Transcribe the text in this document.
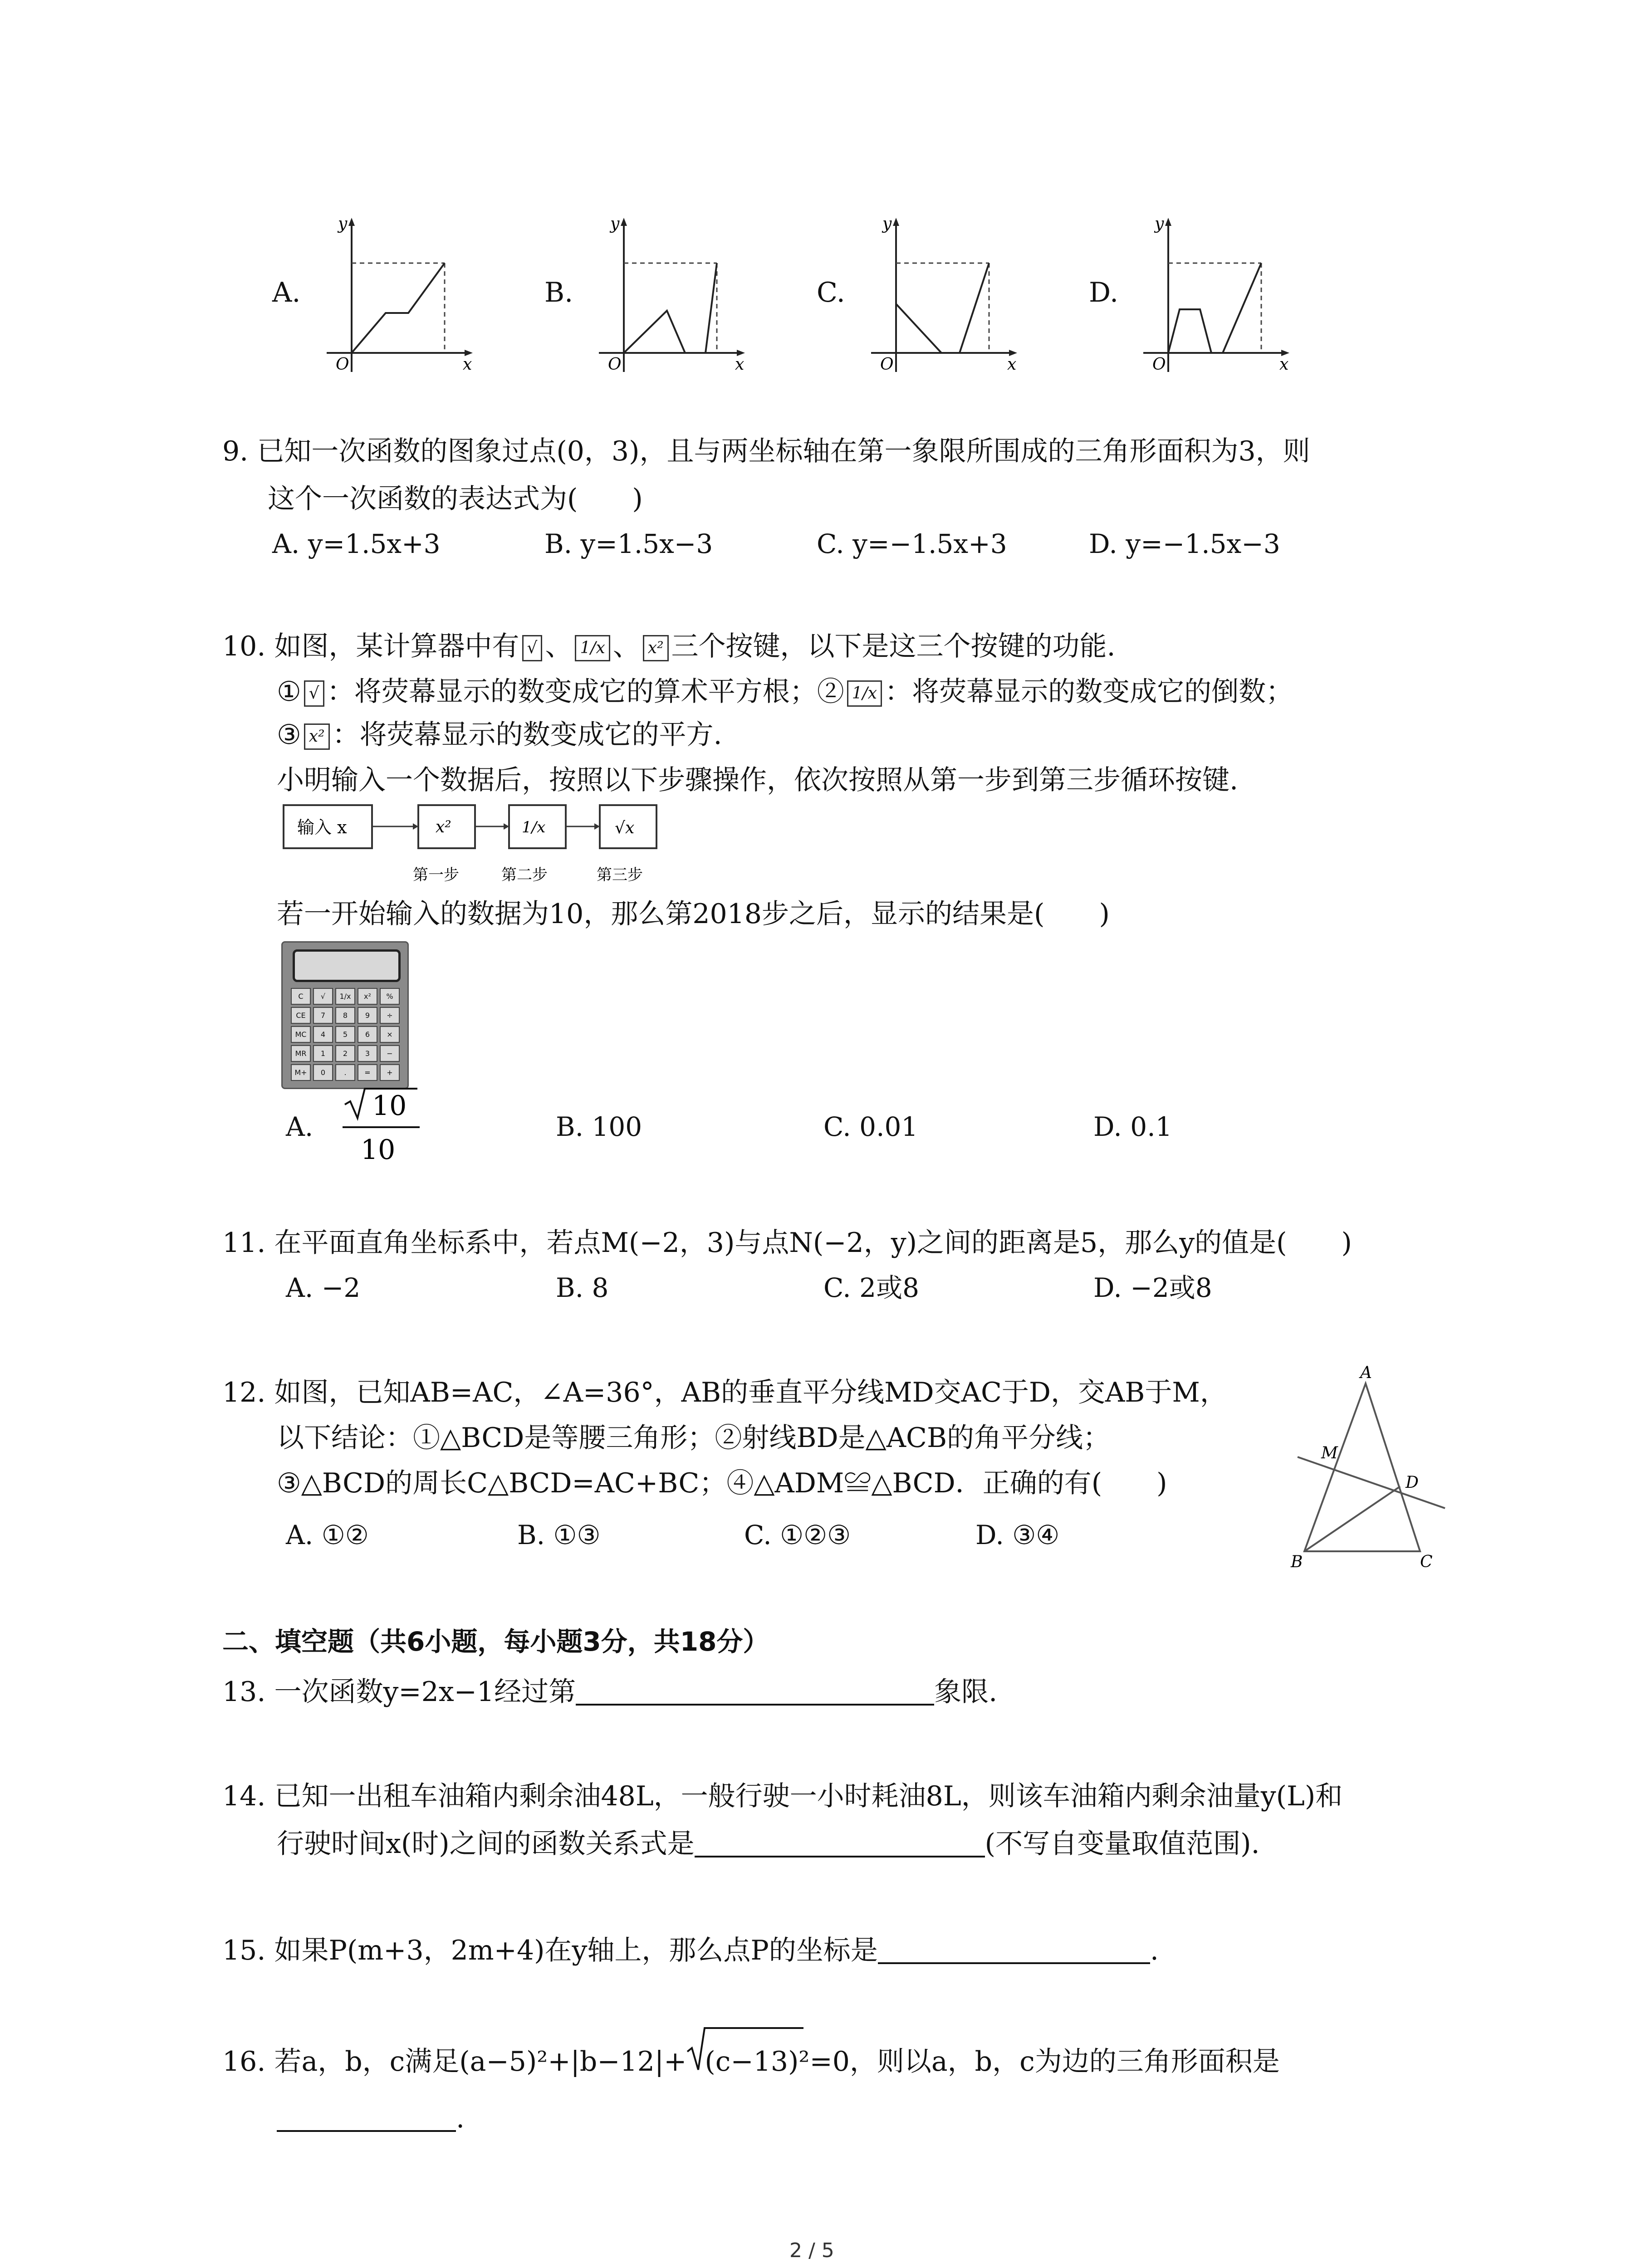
A.	B.	C.	D.
y
x
O
y
x
O
y
x
O
y
x
O
9. 已知一次函数的图象过点(0，3)，且与两坐标轴在第一象限所围成的三角形面积为3，则
这个一次函数的表达式为(　　)
A. y=1.5x+3	B. y=1.5x−3	C. y=−1.5x+3	D. y=−1.5x−3
10. 如图，某计算器中有 √ 、 1/x 、 x² 三个按键，以下是这三个按键的功能.
① √ ：将荧幕显示的数变成它的算术平方根；② 1/x ：将荧幕显示的数变成它的倒数；
③ x² ：将荧幕显示的数变成它的平方.
小明输入一个数据后，按照以下步骤操作，依次按照从第一步到第三步循环按键.
输入 x	x²	1/x	√x
第一步	第二步	第三步
若一开始输入的数据为10，那么第2018步之后，显示的结果是(　　)
C	√	1/x	x²	%
CE	7	8	9	÷
MC	4	5	6	×
MR	1	2	3	−
M+	0	.	=	+
A.
10
10
B. 100	C. 0.01	D. 0.1
11. 在平面直角坐标系中，若点M(−2，3)与点N(−2，y)之间的距离是5，那么y的值是(　　)
A. −2	B. 8	C. 2或8	D. −2或8
12. 如图，已知AB=AC，∠A=36°，AB的垂直平分线MD交AC于D，交AB于M，
以下结论：①△BCD是等腰三角形；②射线BD是△ACB的角平分线；
③△BCD的周长C△BCD=AC+BC；④△ADM≌△BCD．正确的有(　　)
A. ①②	B. ①③	C. ①②③	D. ③④
A
B	C
D
M
二、填空题（共6小题，每小题3分，共18分）
13. 一次函数y=2x−1经过第	象限.
14. 已知一出租车油箱内剩余油48L，一般行驶一小时耗油8L，则该车油箱内剩余油量y(L)和
行驶时间x(时)之间的函数关系式是	(不写自变量取值范围).
15. 如果P(m+3，2m+4)在y轴上，那么点P的坐标是	.
16. 若a，b，c满足(a−5)²+|b−12|+ (c−13)²=0，则以a，b，c为边的三角形面积是
.
2 / 5
